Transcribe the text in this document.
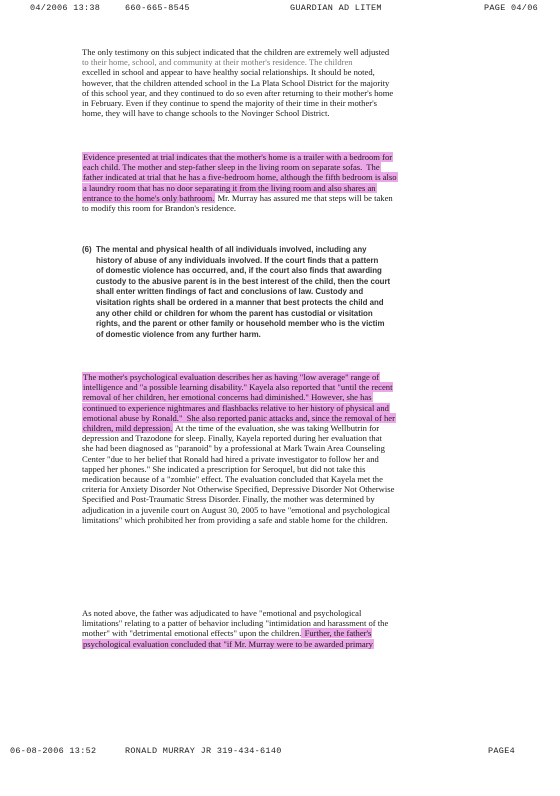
04/2006 13:38	660-665-8545	GUARDIAN AD LITEM	PAGE 04/06
The only testimony on this subject indicated that the children are extremely well adjusted
to their home, school, and community at their mother's residence. The children
excelled in school and appear to have healthy social relationships. It should be noted,
however, that the children attended school in the La Plata School District for the majority
of this school year, and they continued to do so even after returning to their mother's home
in February. Even if they continue to spend the majority of their time in their mother's
home, they will have to change schools to the Novinger School District.
Evidence presented at trial indicates that the mother's home is a trailer with a bedroom for
each child. The mother and step-father sleep in the living room on separate sofas. The
father indicated at trial that he has a five-bedroom home, although the fifth bedroom is also
a laundry room that has no door separating it from the living room and also shares an
entrance to the home's only bathroom. Mr. Murray has assured me that steps will be taken
to modify this room for Brandon's residence.
(6) The mental and physical health of all individuals involved, including any
history of abuse of any individuals involved. If the court finds that a pattern
of domestic violence has occurred, and, if the court also finds that awarding
custody to the abusive parent is in the best interest of the child, then the court
shall enter written findings of fact and conclusions of law. Custody and
visitation rights shall be ordered in a manner that best protects the child and
any other child or children for whom the parent has custodial or visitation
rights, and the parent or other family or household member who is the victim
of domestic violence from any further harm.
The mother's psychological evaluation describes her as having "low average" range of
intelligence and "a possible learning disability." Kayela also reported that "until the recent
removal of her children, her emotional concerns had diminished." However, she has
continued to experience nightmares and flashbacks relative to her history of physical and
emotional abuse by Ronald." She also reported panic attacks and, since the removal of her
children, mild depression. At the time of the evaluation, she was taking Wellbutrin for
depression and Trazodone for sleep. Finally, Kayela reported during her evaluation that
she had been diagnosed as "paranoid" by a professional at Mark Twain Area Counseling
Center "due to her belief that Ronald had hired a private investigator to follow her and
tapped her phones." She indicated a prescription for Seroquel, but did not take this
medication because of a "zombie" effect. The evaluation concluded that Kayela met the
criteria for Anxiety Disorder Not Otherwise Specified, Depressive Disorder Not Otherwise
Specified and Post-Traumatic Stress Disorder. Finally, the mother was determined by
adjudication in a juvenile court on August 30, 2005 to have "emotional and psychological
limitations" which prohibited her from providing a safe and stable home for the children.
As noted above, the father was adjudicated to have "emotional and psychological
limitations" relating to a patter of behavior including "intimidation and harassment of the
mother" with "detrimental emotional effects" upon the children. Further, the father's
psychological evaluation concluded that "if Mr. Murray were to be awarded primary
06-08-2006 13:52	RONALD MURRAY JR 319-434-6140	PAGE4
